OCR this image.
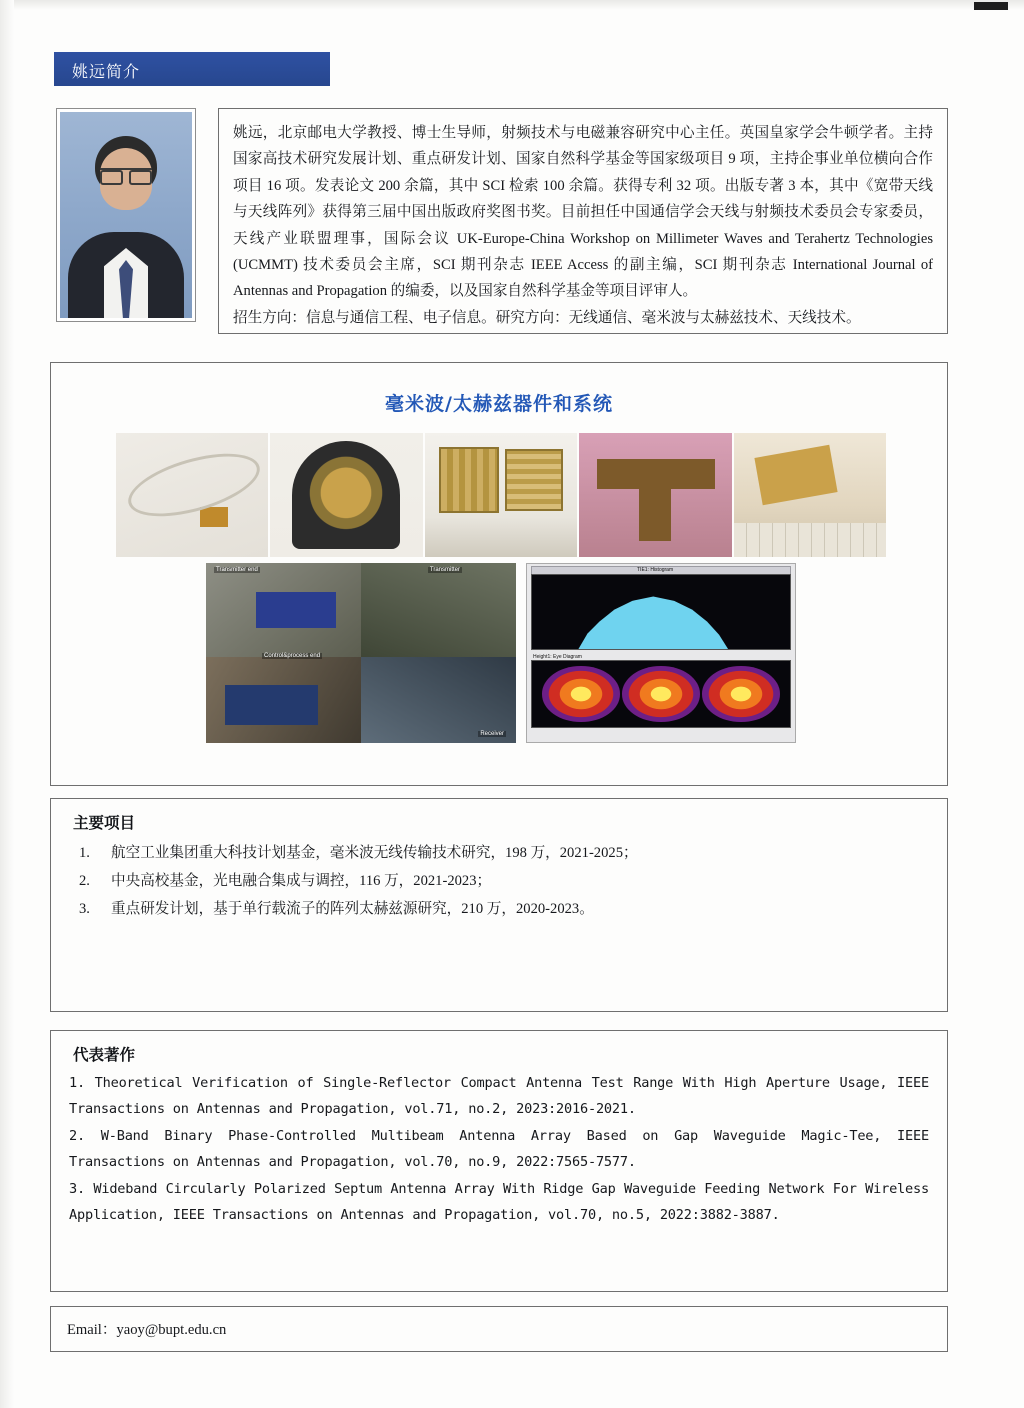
姚远简介
姚远，北京邮电大学教授、博士生导师，射频技术与电磁兼容研究中心主任。英国皇家学会牛顿学者。主持国家高技术研究发展计划、重点研发计划、国家自然科学基金等国家级项目 9 项，主持企事业单位横向合作项目 16 项。发表论文 200 余篇，其中 SCI 检索 100 余篇。获得专利 32 项。出版专著 3 本，其中《宽带天线与天线阵列》获得第三届中国出版政府奖图书奖。目前担任中国通信学会天线与射频技术委员会专家委员，天线产业联盟理事，国际会议 UK-Europe-China Workshop on Millimeter Waves and Terahertz Technologies (UCMMT) 技术委员会主席，SCI 期刊杂志 IEEE Access 的副主编，SCI 期刊杂志 International Journal of Antennas and Propagation 的编委，以及国家自然科学基金等项目评审人。
招生方向：信息与通信工程、电子信息。研究方向：无线通信、毫米波与太赫兹技术、天线技术。
毫米波/太赫兹器件和系统
Transmitter end	Transmitter
Control&process end
Receiver
Height1: Eye Diagram
TIE1: Histogram
主要项目
1.	航空工业集团重大科技计划基金，毫米波无线传输技术研究，198 万，2021-2025；
2.	中央高校基金，光电融合集成与调控，116 万，2021-2023；
3.	重点研发计划，基于单行载流子的阵列太赫兹源研究，210 万，2020-2023。
代表著作
1. Theoretical Verification of Single-Reflector Compact Antenna Test Range With High Aperture Usage, IEEE Transactions on Antennas and Propagation, vol.71, no.2, 2023:2016-2021.
2. W-Band Binary Phase-Controlled Multibeam Antenna Array Based on Gap Waveguide Magic-Tee, IEEE Transactions on Antennas and Propagation, vol.70, no.9, 2022:7565-7577.
3. Wideband Circularly Polarized Septum Antenna Array With Ridge Gap Waveguide Feeding Network For Wireless Application, IEEE Transactions on Antennas and Propagation, vol.70, no.5, 2022:3882-3887.
Email：yaoy@bupt.edu.cn
